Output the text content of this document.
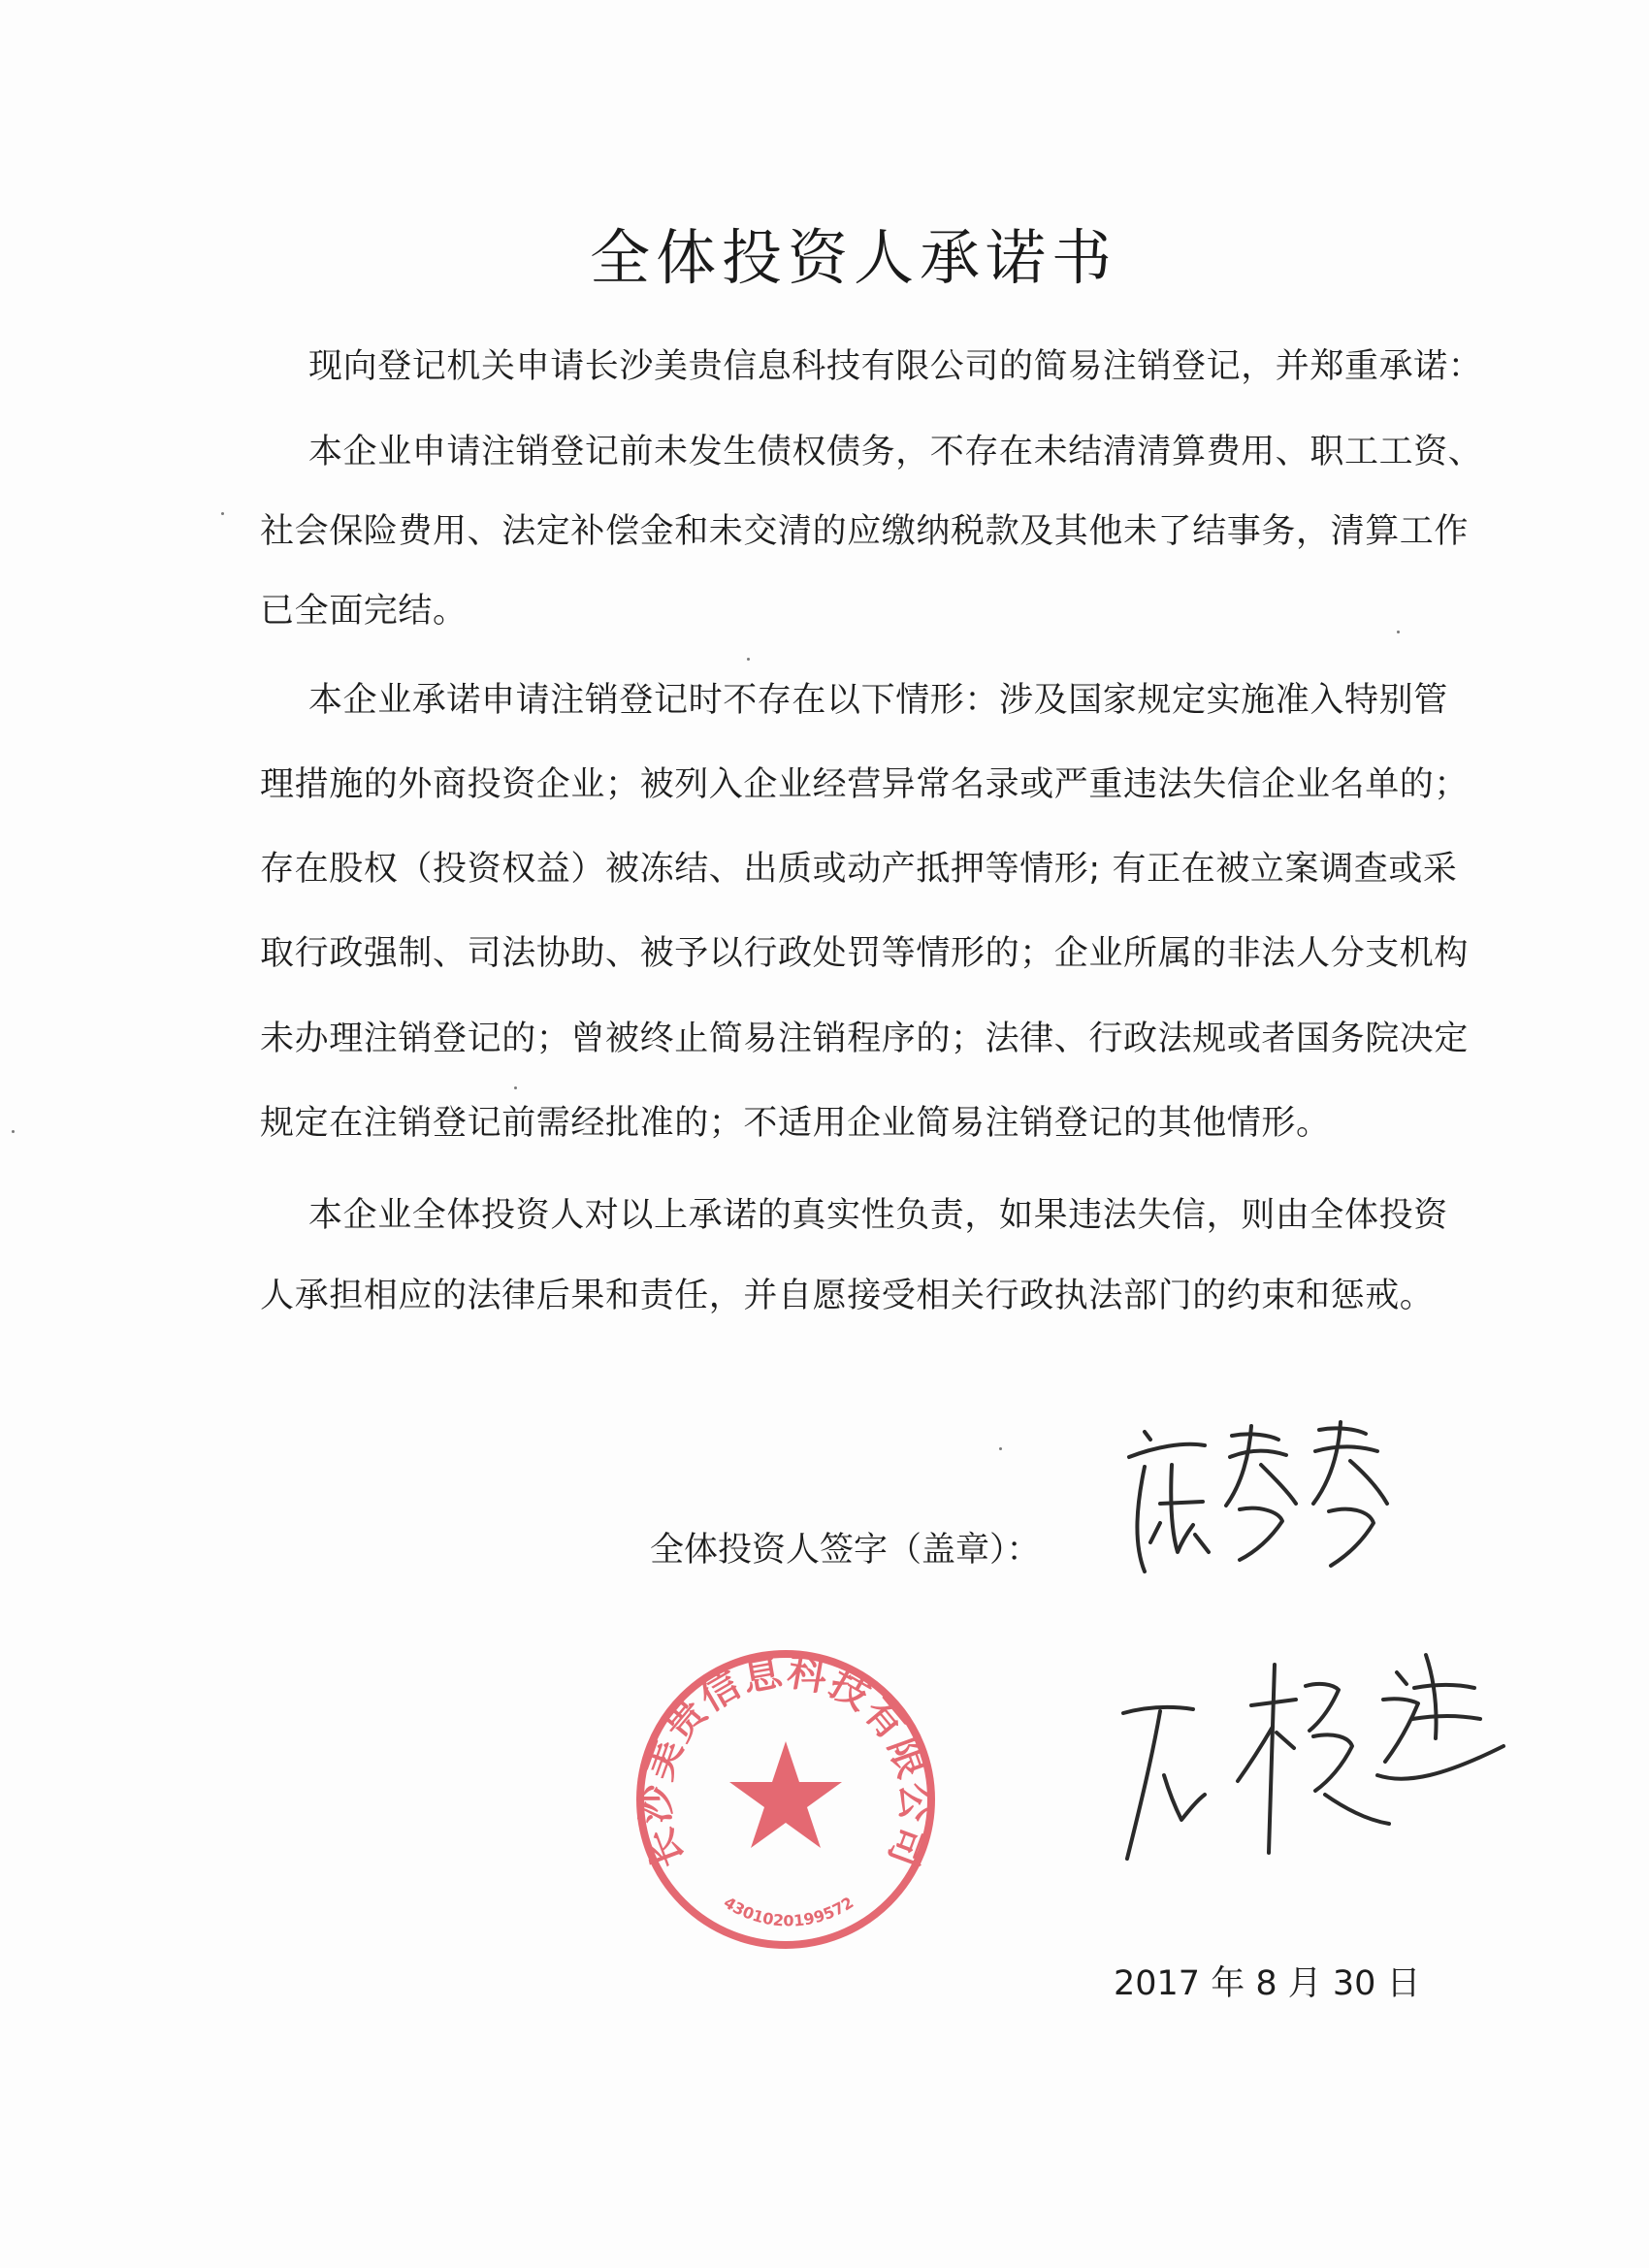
全体投资人承诺书
现向登记机关申请长沙美贵信息科技有限公司的简易注销登记，并郑重承诺：
本企业申请注销登记前未发生债权债务，不存在未结清清算费用、职工工资、
社会保险费用、法定补偿金和未交清的应缴纳税款及其他未了结事务，清算工作
已全面完结。
本企业承诺申请注销登记时不存在以下情形：涉及国家规定实施准入特别管
理措施的外商投资企业；被列入企业经营异常名录或严重违法失信企业名单的；
存在股权（投资权益）被冻结、出质或动产抵押等情形; 有正在被立案调查或采
取行政强制、司法协助、被予以行政处罚等情形的；企业所属的非法人分支机构
未办理注销登记的；曾被终止简易注销程序的；法律、行政法规或者国务院决定
规定在注销登记前需经批准的；不适用企业简易注销登记的其他情形。
本企业全体投资人对以上承诺的真实性负责，如果违法失信，则由全体投资
人承担相应的法律后果和责任，并自愿接受相关行政执法部门的约束和惩戒。
全体投资人签字（盖章）：
长沙美贵信息科技有限公司
4301020199572
2017 年 8 月 30 日
